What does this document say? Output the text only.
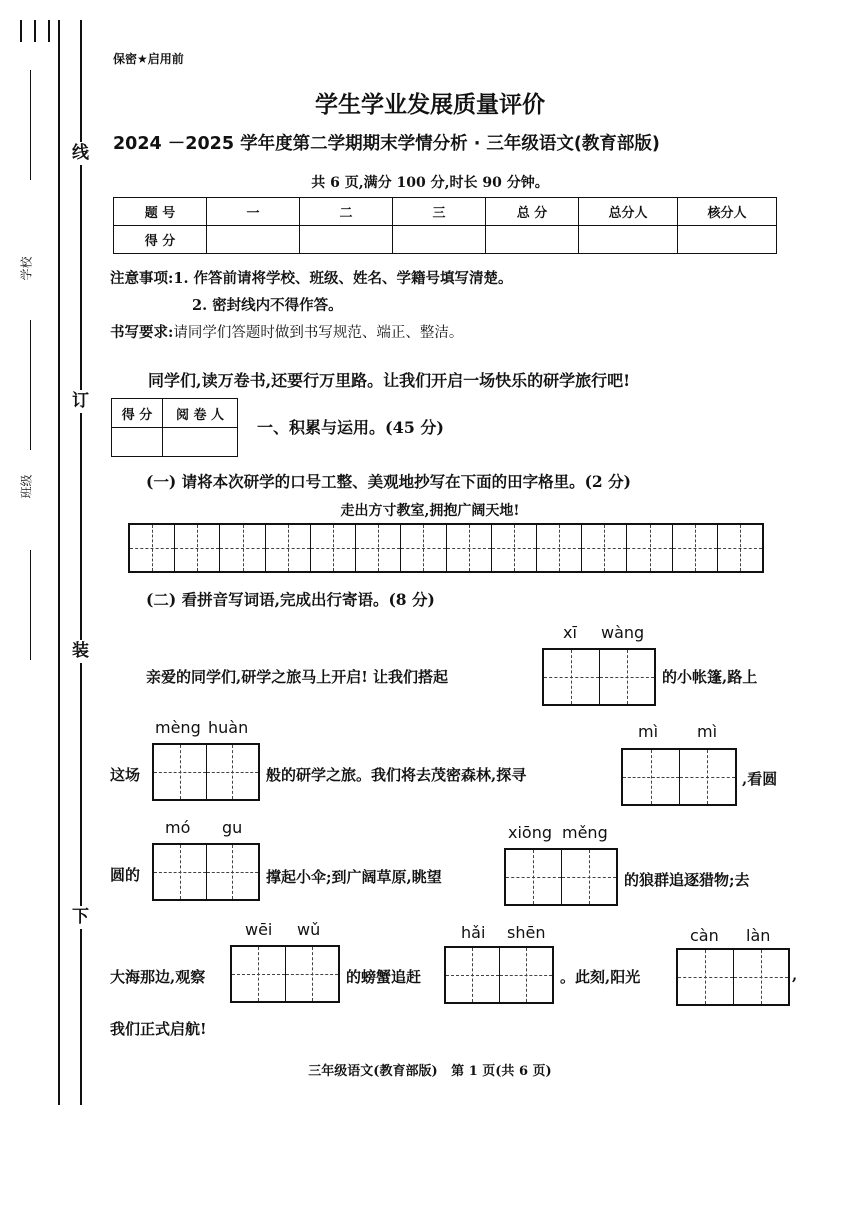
学校
班级
线
订
装
下
保密★启用前
学生学业发展质量评价
2024 －2025 学年度第二学期期末学情分析 · 三年级语文(教育部版)
共 6 页,满分 100 分,时长 90 分钟。
题 号	一	二	三	总 分	总分人	核分人
得 分						
注意事项:1. 作答前请将学校、班级、姓名、学籍号填写清楚。
2. 密封线内不得作答。
书写要求:请同学们答题时做到书写规范、端正、整洁。
同学们,读万卷书,还要行万里路。让我们开启一场快乐的研学旅行吧!
得 分	阅 卷 人

一、积累与运用。(45 分)
(一) 请将本次研学的口号工整、美观地抄写在下面的田字格里。(2 分)
走出方寸教室,拥抱广阔天地!
(二) 看拼音写词语,完成出行寄语。(8 分)
xī wàng
亲爱的同学们,研学之旅马上开启! 让我们搭起	的小帐篷,路上
mèng huàn	mì mì
这场	般的研学之旅。我们将去茂密森林,探寻	,看圆
mó gu	xiōng měng
圆的	撑起小伞;到广阔草原,眺望	的狼群追逐猎物;去
wēi wǔ	hǎi shēn	càn làn
大海那边,观察	的螃蟹追赶	。此刻,阳光	,
我们正式启航!
三年级语文(教育部版)   第 1 页(共 6 页)
